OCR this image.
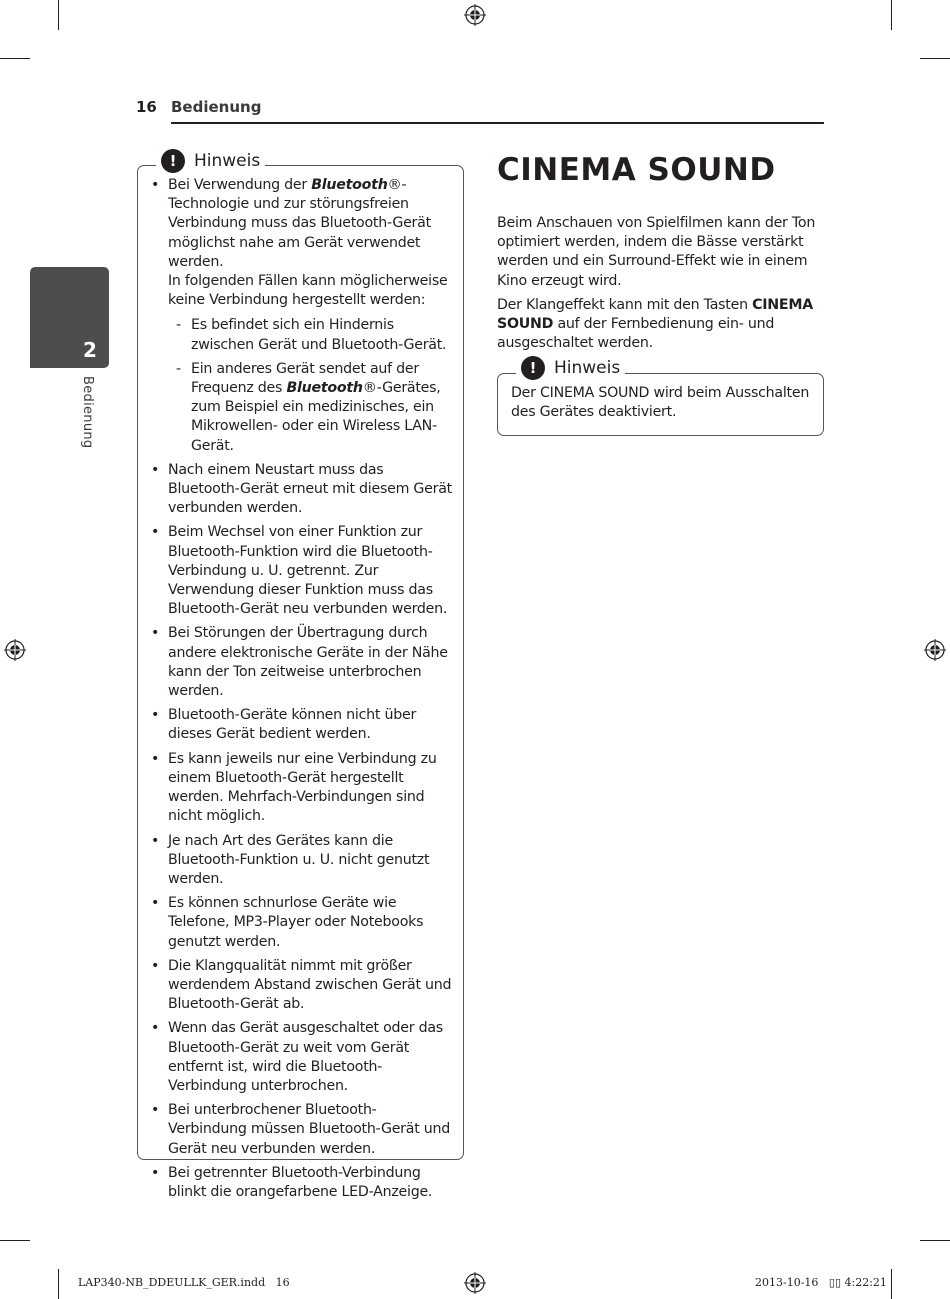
16 Bedienung
2
Bedienung
!	Hinweis
• Bei Verwendung der Bluetooth®-Technologie und zur störungsfreien Verbindung muss das Bluetooth-Gerät möglichst nahe am Gerät verwendet werden.
In folgenden Fällen kann möglicherweise keine Verbindung hergestellt werden:
- Es befindet sich ein Hindernis zwischen Gerät und Bluetooth-Gerät.
- Ein anderes Gerät sendet auf der Frequenz des Bluetooth®-Gerätes, zum Beispiel ein medizinisches, ein Mikrowellen- oder ein Wireless LAN-Gerät.
• Nach einem Neustart muss das Bluetooth-Gerät erneut mit diesem Gerät verbunden werden.
• Beim Wechsel von einer Funktion zur Bluetooth-Funktion wird die Bluetooth-Verbindung u. U. getrennt. Zur Verwendung dieser Funktion muss das Bluetooth-Gerät neu verbunden werden.
• Bei Störungen der Übertragung durch andere elektronische Geräte in der Nähe kann der Ton zeitweise unterbrochen werden.
• Bluetooth-Geräte können nicht über dieses Gerät bedient werden.
• Es kann jeweils nur eine Verbindung zu einem Bluetooth-Gerät hergestellt werden. Mehrfach-Verbindungen sind nicht möglich.
• Je nach Art des Gerätes kann die Bluetooth-Funktion u. U. nicht genutzt werden.
• Es können schnurlose Geräte wie Telefone, MP3-Player oder Notebooks genutzt werden.
• Die Klangqualität nimmt mit größer werdendem Abstand zwischen Gerät und Bluetooth-Gerät ab.
• Wenn das Gerät ausgeschaltet oder das Bluetooth-Gerät zu weit vom Gerät entfernt ist, wird die Bluetooth-Verbindung unterbrochen.
• Bei unterbrochener Bluetooth-Verbindung müssen Bluetooth-Gerät und Gerät neu verbunden werden.
• Bei getrennter Bluetooth-Verbindung blinkt die orangefarbene LED-Anzeige.
CINEMA SOUND
Beim Anschauen von Spielfilmen kann der Ton optimiert werden, indem die Bässe verstärkt werden und ein Surround-Effekt wie in einem Kino erzeugt wird.
Der Klangeffekt kann mit den Tasten CINEMA SOUND auf der Fernbedienung ein- und ausgeschaltet werden.
!	Hinweis
Der CINEMA SOUND wird beim Ausschalten des Gerätes deaktiviert.
LAP340-NB_DDEULLK_GER.indd   16	2013-10-16   ▯▯ 4:22:21
